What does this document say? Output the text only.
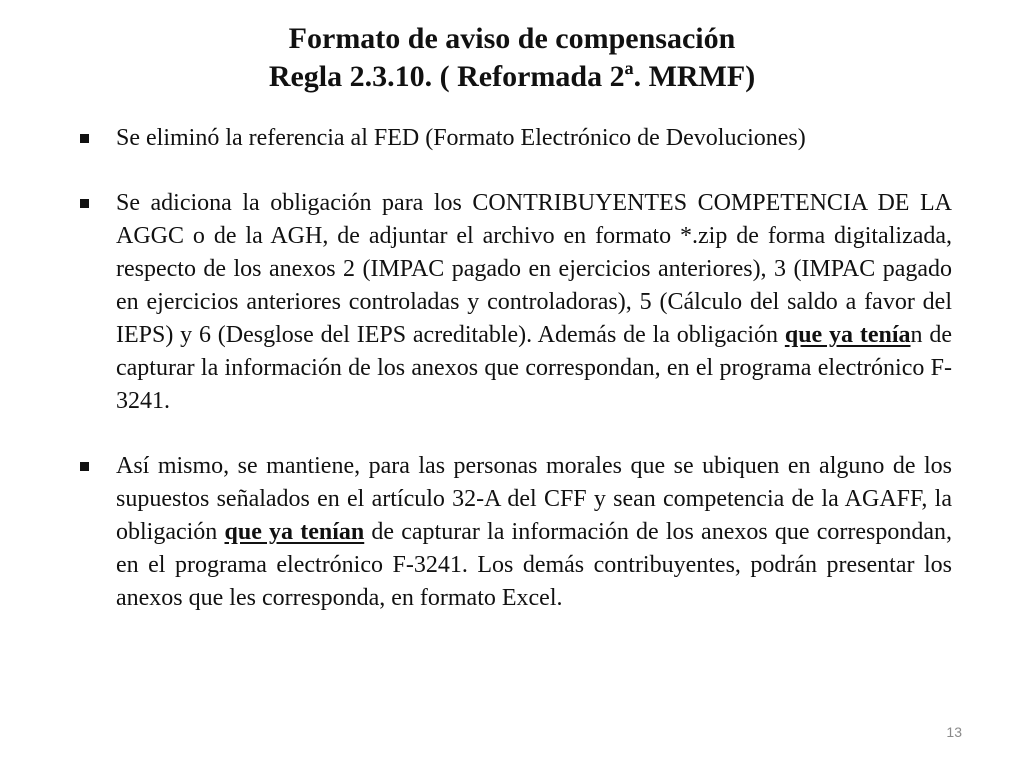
Formato de aviso de compensación
Regla 2.3.10. ( Reformada 2ª. MRMF)
Se eliminó la referencia al FED (Formato Electrónico de Devoluciones)
Se adiciona la obligación para los CONTRIBUYENTES COMPETENCIA DE LA AGGC o de la AGH, de adjuntar el archivo en formato *.zip de forma digitalizada, respecto de los anexos 2 (IMPAC pagado en ejercicios anteriores), 3 (IMPAC pagado en ejercicios anteriores controladas y controladoras), 5 (Cálculo del saldo a favor del IEPS) y 6 (Desglose del IEPS acreditable). Además de la obligación que ya tenían de capturar la información de los anexos que correspondan, en el programa electrónico F-3241.
Así mismo, se mantiene, para las personas morales que se ubiquen en alguno de los supuestos señalados en el artículo 32-A del CFF y sean competencia de la AGAFF, la obligación que ya tenían de capturar la información de los anexos que correspondan, en el programa electrónico F-3241. Los demás contribuyentes, podrán presentar los anexos que les corresponda, en formato Excel.
13
